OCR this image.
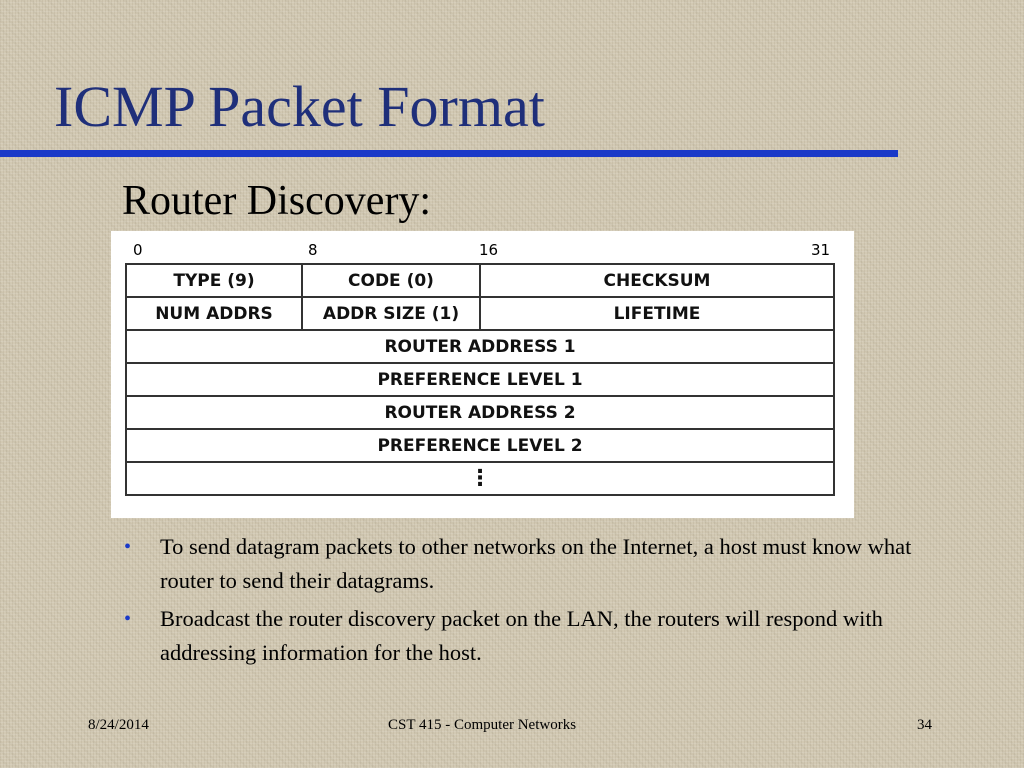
ICMP Packet Format
Router Discovery:
0	8	16	31
TYPE (9)	CODE (0)	CHECKSUM
NUM ADDRS	ADDR SIZE (1)	LIFETIME
ROUTER ADDRESS 1		
PREFERENCE LEVEL 1		
ROUTER ADDRESS 2		
PREFERENCE LEVEL 2		
⋮		
• To send datagram packets to other networks on the Internet, a host must know what router to send their datagrams.
• Broadcast the router discovery packet on the LAN, the routers will respond with addressing information for the host.
8/24/2014	CST 415 - Computer Networks	34
